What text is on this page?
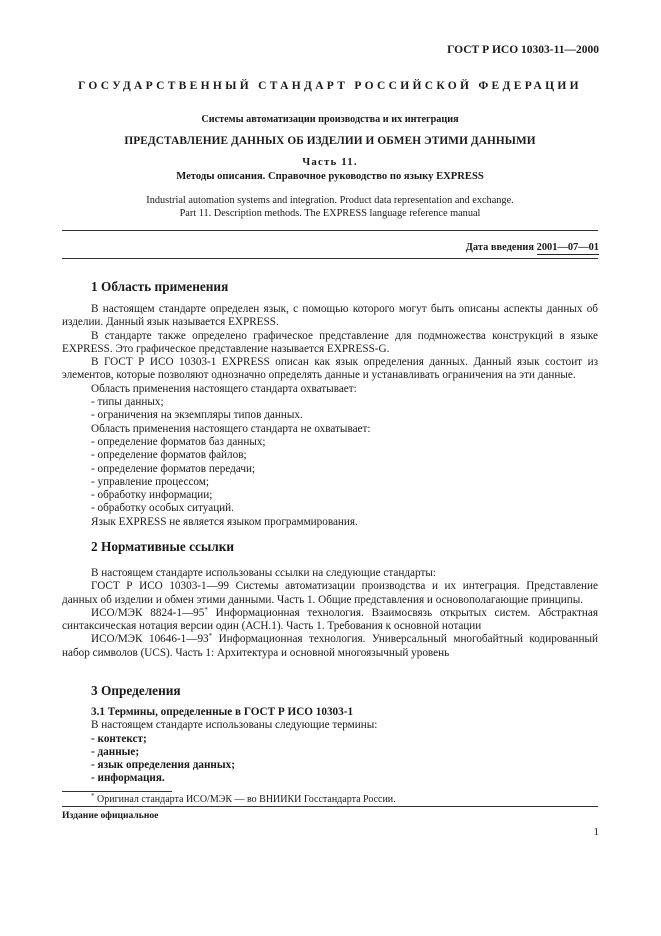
ГОСТ Р ИСО 10303-11—2000
ГОСУДАРСТВЕННЫЙ СТАНДАРТ РОССИЙСКОЙ ФЕДЕРАЦИИ
Системы автоматизации производства и их интеграция
ПРЕДСТАВЛЕНИЕ ДАННЫХ ОБ ИЗДЕЛИИ И ОБМЕН ЭТИМИ ДАННЫМИ
Часть 11.
Методы описания. Справочное руководство по языку EXPRESS
Industrial automation systems and integration. Product data representation and exchange.
Part 11. Description methods. The EXPRESS language reference manual
Дата введения 2001—07—01
1 Область применения

В настоящем стандарте определен язык, с помощью которого могут быть описаны аспекты данных об изделии. Данный язык называется EXPRESS.

В стандарте также определено графическое представление для подмножества конструкций в языке EXPRESS. Это графическое представление называется EXPRESS-G.

В ГОСТ Р ИСО 10303-1 EXPRESS описан как язык определения данных. Данный язык состоит из элементов, которые позволяют однозначно определять данные и устанавливать ограничения на эти данные.

Область применения настоящего стандарта охватывает:

- типы данных;

- ограничения на экземпляры типов данных.

Область применения настоящего стандарта не охватывает:

- определение форматов баз данных;

- определение форматов файлов;

- определение форматов передачи;

- управление процессом;

- обработку информации;

- обработку особых ситуаций.

Язык EXPRESS не является языком программирования.

2 Нормативные ссылки

В настоящем стандарте использованы ссылки на следующие стандарты:

ГОСТ Р ИСО 10303-1—99 Системы автоматизации производства и их интеграция. Представление данных об изделии и обмен этими данными. Часть 1. Общие представления и основополагающие принципы.

ИСО/МЭК 8824-1—95* Информационная технология. Взаимосвязь открытых систем. Абстрактная синтаксическая нотация версии один (АСН.1). Часть 1. Требования к основной нотации

ИСО/МЭК 10646-1—93* Информационная технология. Универсальный многобайтный кодированный набор символов (UCS). Часть 1: Архитектура и основной многоязычный уровень

3 Определения

3.1 Термины, определенные в ГОСТ Р ИСО 10303-1

В настоящем стандарте использованы следующие термины:

- контекст;

- данные;

- язык определения данных;

- информация.

* Оригинал стандарта ИСО/МЭК — во ВНИИКИ Госстандарта России.
Издание официальное
1
